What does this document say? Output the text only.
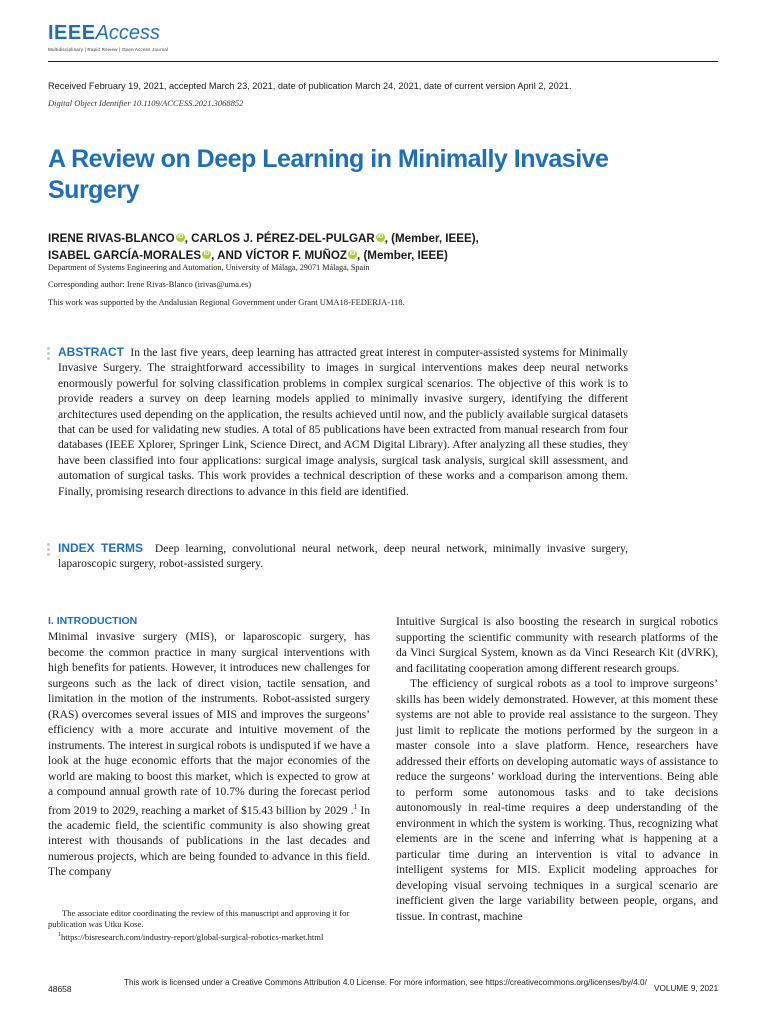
IEEEAccess
Multidisciplinary | Rapid Review | Open Access Journal
Received February 19, 2021, accepted March 23, 2021, date of publication March 24, 2021, date of current version April 2, 2021.
Digital Object Identifier 10.1109/ACCESS.2021.3068852
A Review on Deep Learning in Minimally Invasive Surgery
IRENE RIVAS-BLANCO iD , CARLOS J. PÉREZ-DEL-PULGAR iD , (Member, IEEE),
ISABEL GARCÍA-MORALES iD , AND VÍCTOR F. MUÑOZ iD , (Member, IEEE)
Department of Systems Engineering and Automation, University of Málaga, 29071 Málaga, Spain
Corresponding author: Irene Rivas-Blanco (irivas@uma.es)
This work was supported by the Andalusian Regional Government under Grant UMA18-FEDERJA-118.
ABSTRACT In the last five years, deep learning has attracted great interest in computer-assisted systems for Minimally Invasive Surgery. The straightforward accessibility to images in surgical interventions makes deep neural networks enormously powerful for solving classification problems in complex surgical scenarios. The objective of this work is to provide readers a survey on deep learning models applied to minimally invasive surgery, identifying the different architectures used depending on the application, the results achieved until now, and the publicly available surgical datasets that can be used for validating new studies. A total of 85 publications have been extracted from manual research from four databases (IEEE Xplorer, Springer Link, Science Direct, and ACM Digital Library). After analyzing all these studies, they have been classified into four applications: surgical image analysis, surgical task analysis, surgical skill assessment, and automation of surgical tasks. This work provides a technical description of these works and a comparison among them. Finally, promising research directions to advance in this field are identified.
INDEX TERMS Deep learning, convolutional neural network, deep neural network, minimally invasive surgery, laparoscopic surgery, robot-assisted surgery.
I. INTRODUCTION

Minimal invasive surgery (MIS), or laparoscopic surgery, has become the common practice in many surgical interventions with high benefits for patients. However, it introduces new challenges for surgeons such as the lack of direct vision, tactile sensation, and limitation in the motion of the instruments. Robot-assisted surgery (RAS) overcomes several issues of MIS and improves the surgeons’ efficiency with a more accurate and intuitive movement of the instruments. The interest in surgical robots is undisputed if we have a look at the huge economic efforts that the major economies of the world are making to boost this market, which is expected to grow at a compound annual growth rate of 10.7% during the forecast period from 2019 to 2029, reaching a market of $15.43 billion by 2029 .$^1$ In the academic field, the scientific community is also showing great interest with thousands of publications in the last decades and numerous projects, which are being founded to advance in this field. The company

Intuitive Surgical is also boosting the research in surgical robotics supporting the scientific community with research platforms of the da Vinci Surgical System, known as da Vinci Research Kit (dVRK), and facilitating cooperation among different research groups.

The efficiency of surgical robots as a tool to improve surgeons’ skills has been widely demonstrated. However, at this moment these systems are not able to provide real assistance to the surgeon. They just limit to replicate the motions performed by the surgeon in a master console into a slave platform. Hence, researchers have addressed their efforts on developing automatic ways of assistance to reduce the surgeons’ workload during the interventions. Being able to perform some autonomous tasks and to take decisions autonomously in real-time requires a deep understanding of the environment in which the system is working. Thus, recognizing what elements are in the scene and inferring what is happening at a particular time during an intervention is vital to advance in intelligent systems for MIS. Explicit modeling approaches for developing visual servoing techniques in a surgical scenario are inefficient given the large variability between people, organs, and tissue. In contrast, machine

The associate editor coordinating the review of this manuscript and approving it for publication was Utku Kose.

$^1$https://bisresearch.com/industry-report/global-surgical-robotics-market.html

48658
This work is licensed under a Creative Commons Attribution 4.0 License. For more information, see https://creativecommons.org/licenses/by/4.0/
VOLUME 9, 2021
